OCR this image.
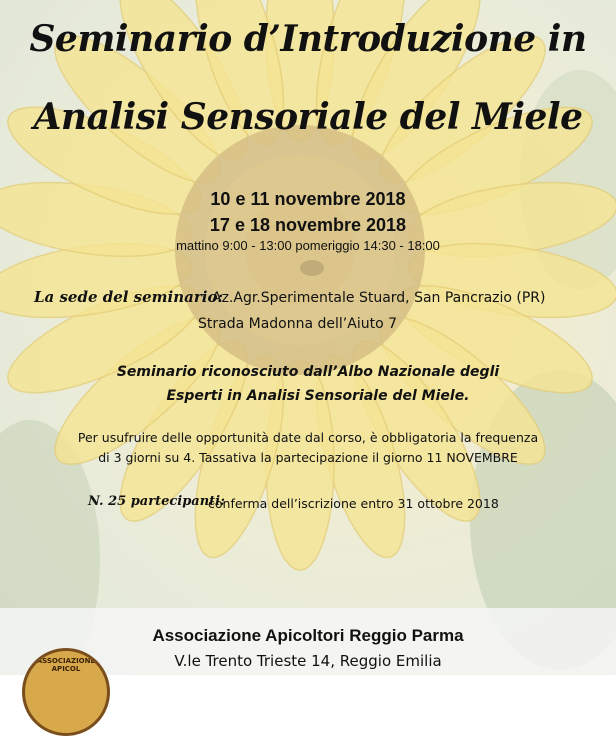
Seminario d’Introduzione in
Analisi Sensoriale del Miele
10 e 11 novembre 2018
17 e 18 novembre 2018
mattino 9:00 - 13:00 pomeriggio 14:30 - 18:00
La sede del seminario:
Az.Agr.Sperimentale Stuard, San Pancrazio (PR)
Strada Madonna dell’Aiuto 7
Seminario riconosciuto dall’Albo Nazionale degli
Esperti in Analisi Sensoriale del Miele.
Per usufruire delle opportunità date dal corso, è obbligatoria la frequenza
di 3 giorni su 4. Tassativa la partecipazione il giorno 11 NOVEMBRE
N. 25 partecipanti:
conferma dell’iscrizione entro 31 ottobre 2018
ASSOCIAZIONE APICOL
Associazione Apicoltori Reggio Parma
V.le Trento Trieste 14, Reggio Emilia
